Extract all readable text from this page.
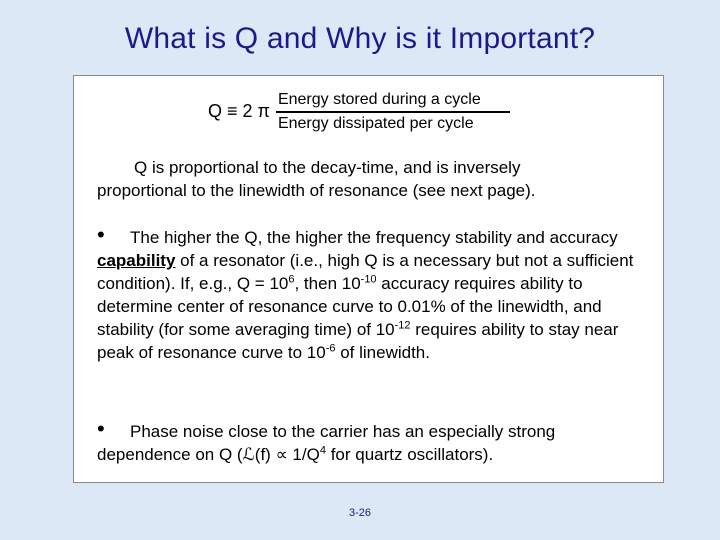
What is Q and Why is it Important?
Q ≡ 2 π $\frac{\text{Energy stored during a cycle}}{\text{Energy dissipated per cycle}}$
Q is proportional to the decay-time, and is inversely
proportional to the linewidth of resonance (see next page).
• The higher the Q, the higher the frequency stability and accuracy capability of a resonator (i.e., high Q is a necessary but not a sufficient condition). If, e.g., $Q = 10^6$, then $10^{-10}$ accuracy requires ability to determine center of resonance curve to 0.01% of the linewidth, and stability (for some averaging time) of $10^{-12}$ requires ability to stay near peak of resonance curve to $10^{-6}$ of linewidth.
• Phase noise close to the carrier has an especially strong dependence on Q (ℒ(f) ∝ $1/Q^4$ for quartz oscillators).
3-26
